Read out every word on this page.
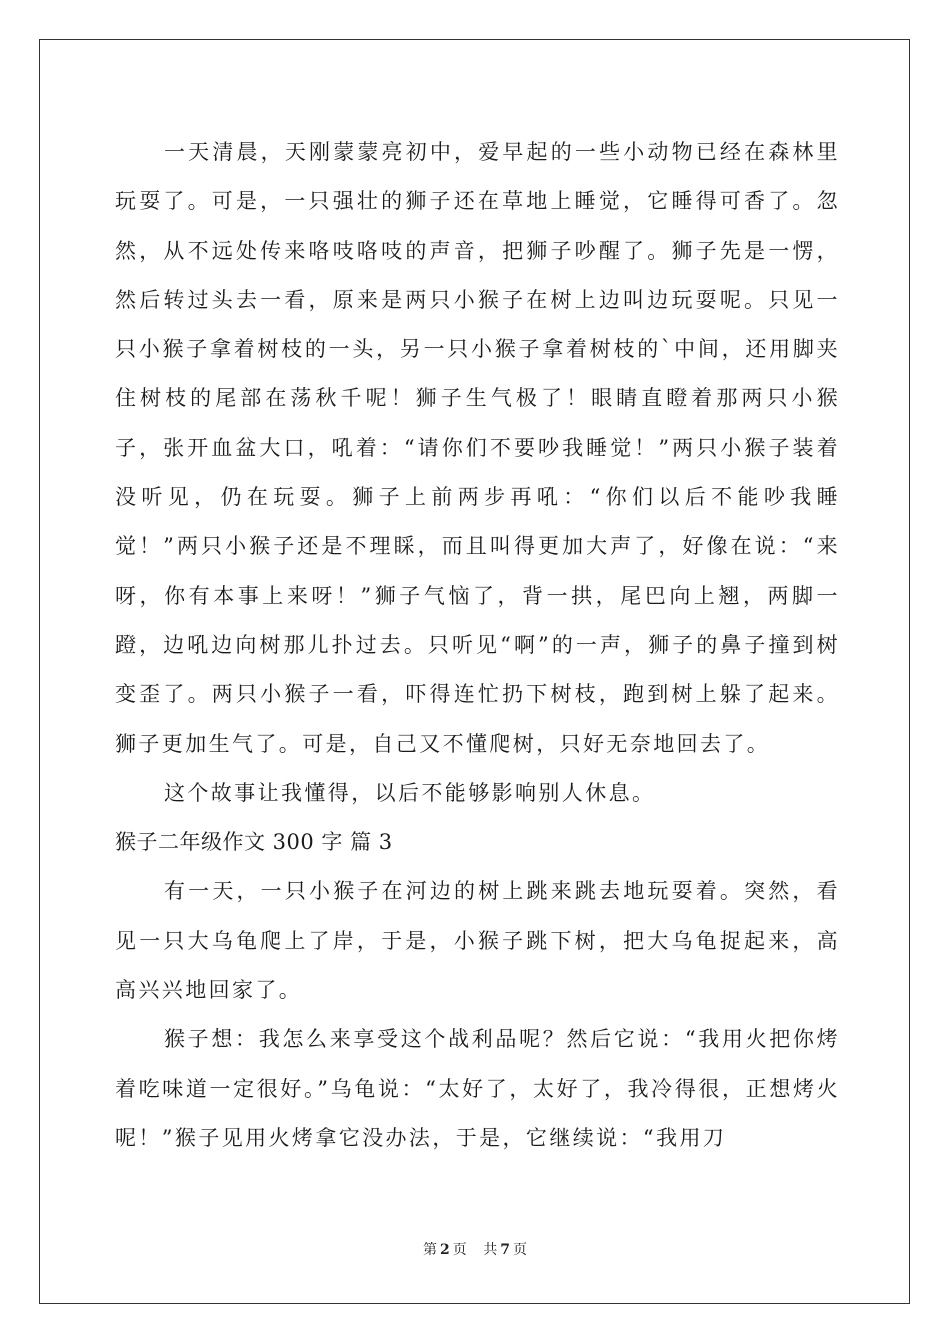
一天清晨，天刚蒙蒙亮初中，爱早起的一些小动物已经在森林里玩耍了。可是，一只强壮的狮子还在草地上睡觉，它睡得可香了。忽然，从不远处传来咯吱咯吱的声音，把狮子吵醒了。狮子先是一愣，然后转过头去一看，原来是两只小猴子在树上边叫边玩耍呢。只见一只小猴子拿着树枝的一头，另一只小猴子拿着树枝的`中间，还用脚夹住树枝的尾部在荡秋千呢！狮子生气极了！眼睛直瞪着那两只小猴子，张开血盆大口，吼着：“请你们不要吵我睡觉！”两只小猴子装着没听见，仍在玩耍。狮子上前两步再吼：“你们以后不能吵我睡觉！”两只小猴子还是不理睬，而且叫得更加大声了，好像在说：“来呀，你有本事上来呀！”狮子气恼了，背一拱，尾巴向上翘，两脚一蹬，边吼边向树那儿扑过去。只听见“啊”的一声，狮子的鼻子撞到树变歪了。两只小猴子一看，吓得连忙扔下树枝，跑到树上躲了起来。狮子更加生气了。可是，自己又不懂爬树，只好无奈地回去了。

这个故事让我懂得，以后不能够影响别人休息。

猴子二年级作文 300 字 篇 3

有一天，一只小猴子在河边的树上跳来跳去地玩耍着。突然，看见一只大乌龟爬上了岸，于是，小猴子跳下树，把大乌龟捉起来，高高兴兴地回家了。

猴子想：我怎么来享受这个战利品呢？然后它说：“我用火把你烤着吃味道一定很好。”乌龟说：“太好了，太好了，我冷得很，正想烤火呢！”猴子见用火烤拿它没办法，于是，它继续说：“我用刀

第 2 页 共 7 页
